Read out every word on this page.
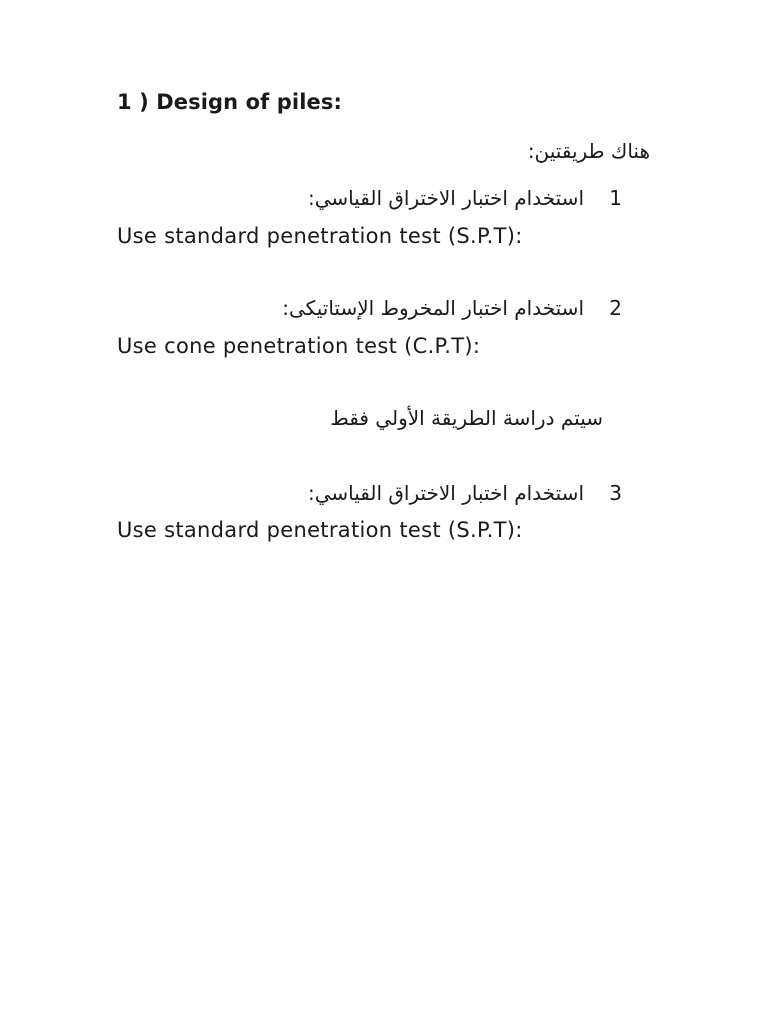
1 ) Design of piles:
هناك طريقتين:
1
استخدام اختبار الاختراق القياسي:
Use standard penetration test (S.P.T):
2
استخدام اختبار المخروط الإستاتيكى:
Use cone penetration test (C.P.T):
سيتم دراسة الطريقة الأولي فقط
3
استخدام اختبار الاختراق القياسي:
Use standard penetration test (S.P.T):
